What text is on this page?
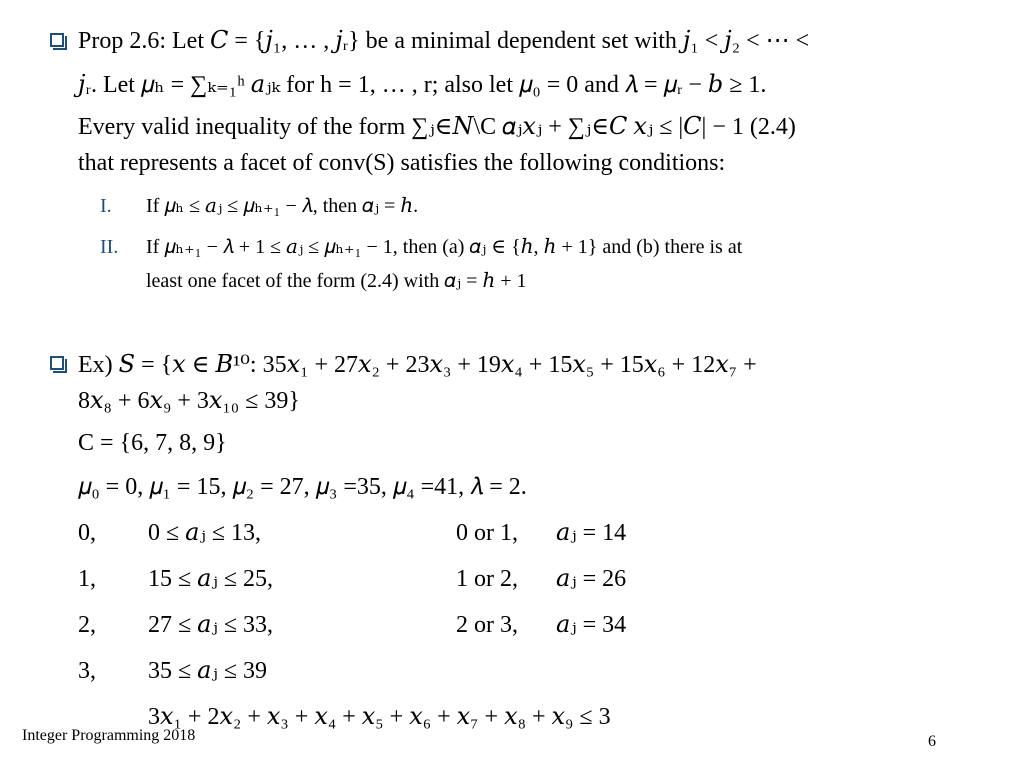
Prop 2.6: Let 𝐶 = {𝑗₁, … , 𝑗ᵣ} be a minimal dependent set with 𝑗₁ < 𝑗₂ < ⋯ <
𝑗ᵣ. Let 𝜇ₕ = ∑ₖ₌₁ʰ 𝑎ⱼₖ for h = 1, … , r; also let 𝜇₀ = 0 and 𝜆 = 𝜇ᵣ − 𝑏 ≥ 1.
Every valid inequality of the form ∑ⱼ∈𝑁\C 𝛼ⱼ𝑥ⱼ + ∑ⱼ∈𝐶 𝑥ⱼ ≤ |𝐶| − 1 (2.4)
that represents a facet of conv(S) satisfies the following conditions:
I. If 𝜇ₕ ≤ 𝑎ⱼ ≤ 𝜇ₕ₊₁ − 𝜆, then 𝛼ⱼ = ℎ.
II. If 𝜇ₕ₊₁ − 𝜆 + 1 ≤ 𝑎ⱼ ≤ 𝜇ₕ₊₁ − 1, then (a) 𝛼ⱼ ∈ {ℎ, ℎ + 1} and (b) there is at
least one facet of the form (2.4) with 𝛼ⱼ = ℎ + 1
Ex) 𝑆 = {𝑥 ∈ 𝐵¹⁰: 35𝑥₁ + 27𝑥₂ + 23𝑥₃ + 19𝑥₄ + 15𝑥₅ + 15𝑥₆ + 12𝑥₇ +
8𝑥₈ + 6𝑥₉ + 3𝑥₁₀ ≤ 39}
C = {6, 7, 8, 9}
𝜇₀ = 0, 𝜇₁ = 15, 𝜇₂ = 27, 𝜇₃ =35, 𝜇₄ =41, 𝜆 = 2.
0, 0 ≤ 𝑎ⱼ ≤ 13,	0 or 1, 𝑎ⱼ = 14
1, 15 ≤ 𝑎ⱼ ≤ 25,	1 or 2, 𝑎ⱼ = 26
2, 27 ≤ 𝑎ⱼ ≤ 33,	2 or 3, 𝑎ⱼ = 34
3, 35 ≤ 𝑎ⱼ ≤ 39
3𝑥₁ + 2𝑥₂ + 𝑥₃ + 𝑥₄ + 𝑥₅ + 𝑥₆ + 𝑥₇ + 𝑥₈ + 𝑥₉ ≤ 3
Integer Programming 2018	6
